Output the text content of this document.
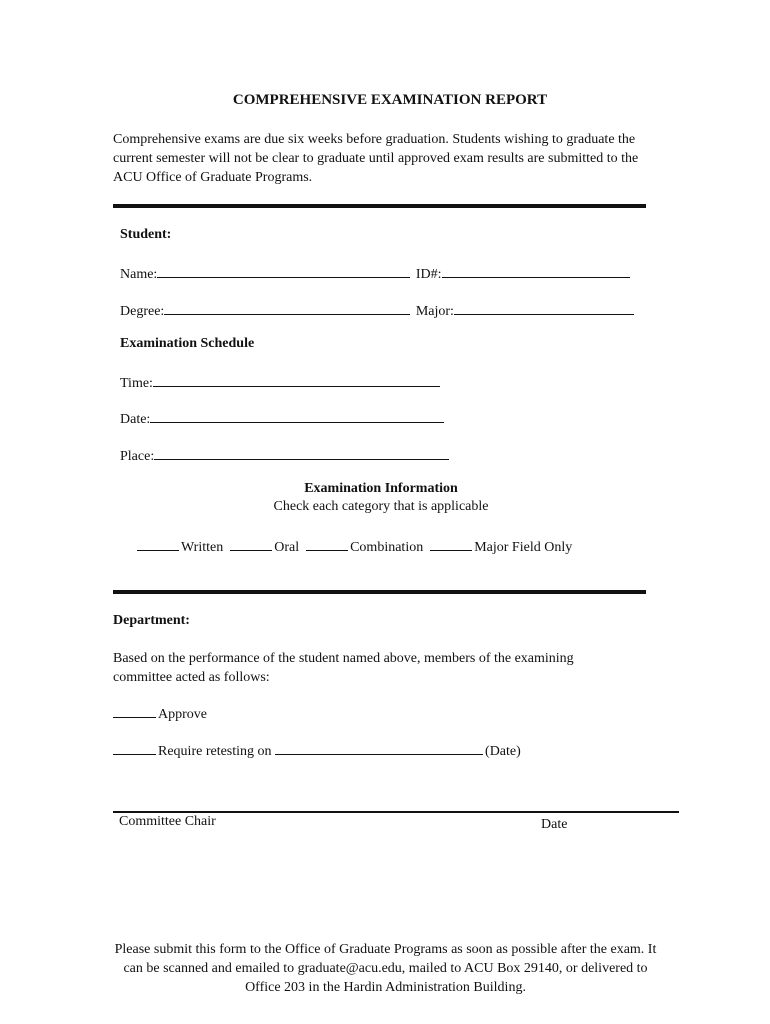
COMPREHENSIVE EXAMINATION REPORT
Comprehensive exams are due six weeks before graduation. Students wishing to graduate the current semester will not be clear to graduate until approved exam results are submitted to the ACU Office of Graduate Programs.
Student:
Name:	ID#:
Degree:	Major:
Examination Schedule
Time:
Date:
Place:
Examination Information
Check each category that is applicable
Written	Oral	Combination	Major Field Only
Department:
Based on the performance of the student named above, members of the examining committee acted as follows:
Approve
Require retesting on	(Date)
Committee Chair	Date
Please submit this form to the Office of Graduate Programs as soon as possible after the exam. It can be scanned and emailed to graduate@acu.edu, mailed to ACU Box 29140, or delivered to Office 203 in the Hardin Administration Building.
